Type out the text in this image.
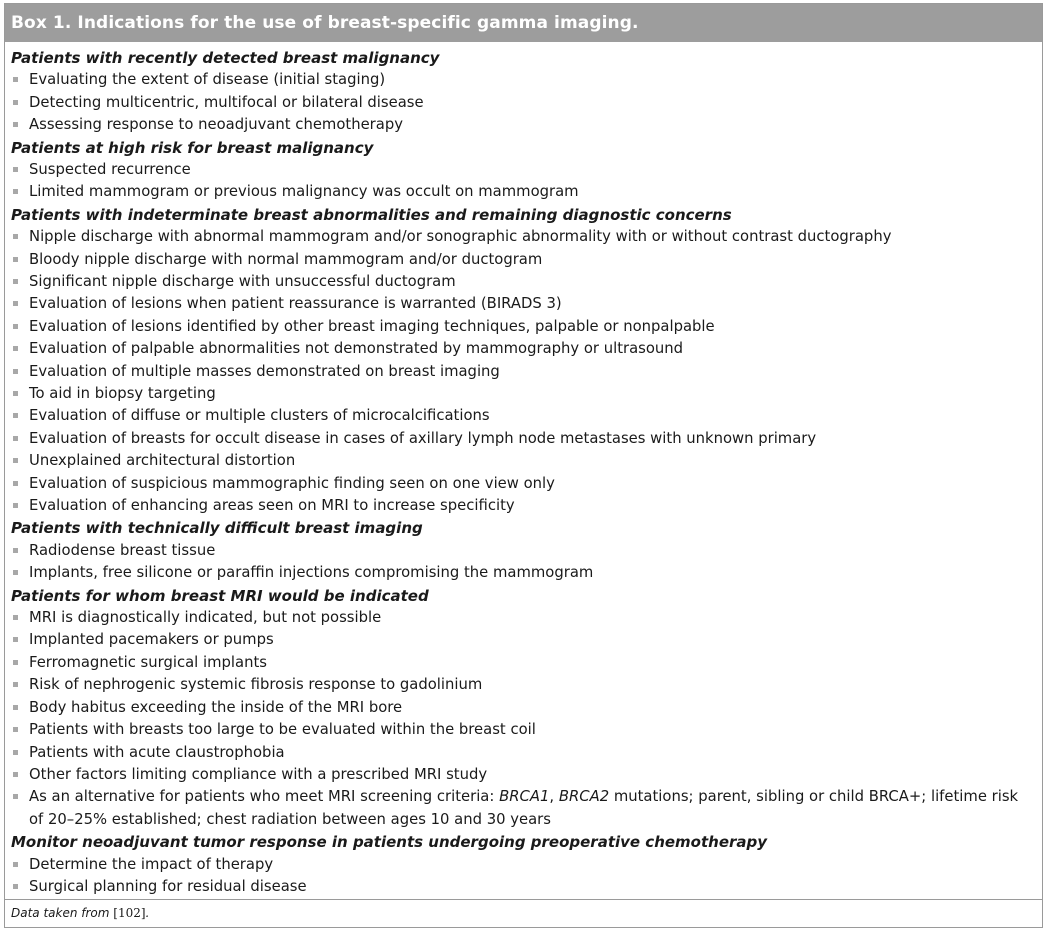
Box 1. Indications for the use of breast-specific gamma imaging.
Patients with recently detected breast malignancy
Evaluating the extent of disease (initial staging)
Detecting multicentric, multifocal or bilateral disease
Assessing response to neoadjuvant chemotherapy
Patients at high risk for breast malignancy
Suspected recurrence
Limited mammogram or previous malignancy was occult on mammogram
Patients with indeterminate breast abnormalities and remaining diagnostic concerns
Nipple discharge with abnormal mammogram and/or sonographic abnormality with or without contrast ductography
Bloody nipple discharge with normal mammogram and/or ductogram
Significant nipple discharge with unsuccessful ductogram
Evaluation of lesions when patient reassurance is warranted (BIRADS 3)
Evaluation of lesions identified by other breast imaging techniques, palpable or nonpalpable
Evaluation of palpable abnormalities not demonstrated by mammography or ultrasound
Evaluation of multiple masses demonstrated on breast imaging
To aid in biopsy targeting
Evaluation of diffuse or multiple clusters of microcalcifications
Evaluation of breasts for occult disease in cases of axillary lymph node metastases with unknown primary
Unexplained architectural distortion
Evaluation of suspicious mammographic finding seen on one view only
Evaluation of enhancing areas seen on MRI to increase specificity
Patients with technically difficult breast imaging
Radiodense breast tissue
Implants, free silicone or paraffin injections compromising the mammogram
Patients for whom breast MRI would be indicated
MRI is diagnostically indicated, but not possible
Implanted pacemakers or pumps
Ferromagnetic surgical implants
Risk of nephrogenic systemic fibrosis response to gadolinium
Body habitus exceeding the inside of the MRI bore
Patients with breasts too large to be evaluated within the breast coil
Patients with acute claustrophobia
Other factors limiting compliance with a prescribed MRI study
As an alternative for patients who meet MRI screening criteria: BRCA1, BRCA2 mutations; parent, sibling or child BRCA+; lifetime risk of 20–25% established; chest radiation between ages 10 and 30 years
Monitor neoadjuvant tumor response in patients undergoing preoperative chemotherapy
Determine the impact of therapy
Surgical planning for residual disease
Data taken from [102].
